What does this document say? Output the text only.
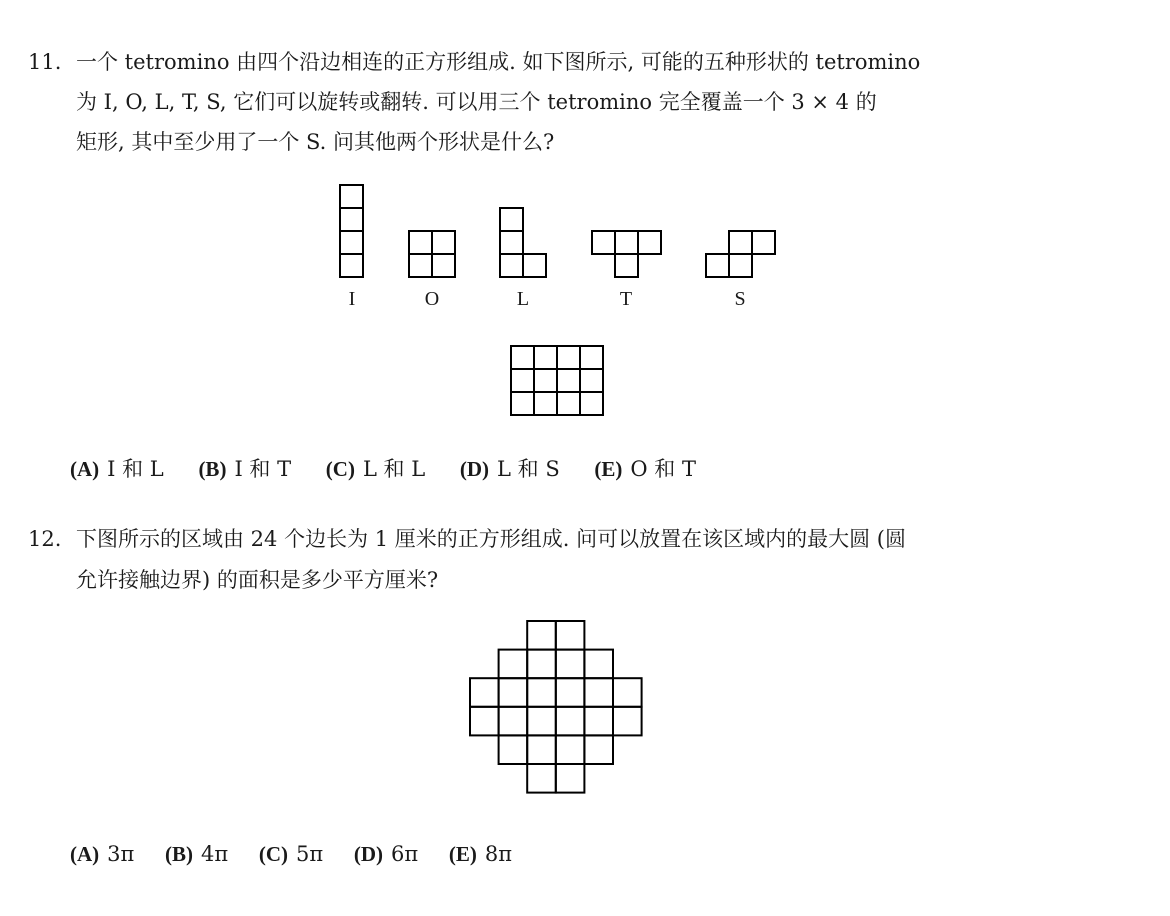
11. 一个 tetromino 由四个沿边相连的正方形组成. 如下图所示, 可能的五种形状的 tetromino
为 I, O, L, T, S, 它们可以旋转或翻转. 可以用三个 tetromino 完全覆盖一个 3 × 4 的
矩形, 其中至少用了一个 S. 问其他两个形状是什么?
I	O	L	T	S
(A) I 和 L (B) I 和 T (C) L 和 L (D) L 和 S (E) O 和 T
12. 下图所示的区域由 24 个边长为 1 厘米的正方形组成. 问可以放置在该区域内的最大圆 (圆
允许接触边界) 的面积是多少平方厘米?
(A) 3π (B) 4π (C) 5π (D) 6π (E) 8π
